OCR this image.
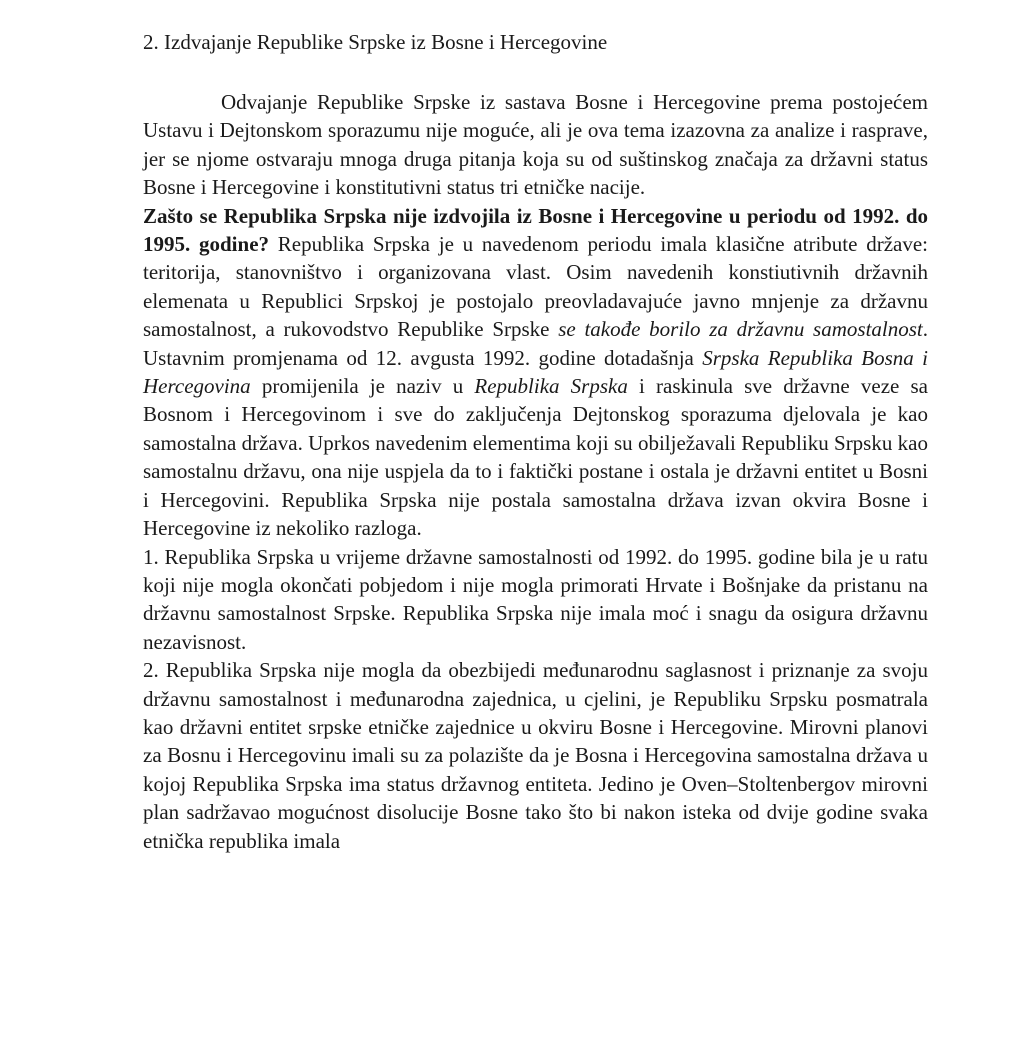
2. Izdvajanje Republike Srpske iz Bosne i Hercegovine
Odvajanje Republike Srpske iz sastava Bosne i Hercegovine prema postojećem Ustavu i Dejtonskom sporazumu nije moguće, ali je ova tema izazovna za analize i rasprave, jer se njome ostvaraju mnoga druga pitanja koja su od suštinskog značaja za državni status Bosne i Hercegovine i konstitutivni status tri etničke nacije.
Zašto se Republika Srpska nije izdvojila iz Bosne i Hercegovine u periodu od 1992. do 1995. godine? Republika Srpska je u navedenom periodu imala klasične atribute države: teritorija, stanovništvo i organizovana vlast. Osim navedenih konstiutivnih državnih elemenata u Republici Srpskoj je postojalo preovladavajuće javno mnjenje za državnu samostalnost, a rukovodstvo Republike Srpske se takođe borilo za državnu samostalnost. Ustavnim promjenama od 12. avgusta 1992. godine dotadašnja Srpska Republika Bosna i Hercegovina promijenila je naziv u Republika Srpska i raskinula sve državne veze sa Bosnom i Hercegovinom i sve do zaključenja Dejtonskog sporazuma djelovala je kao samostalna država. Uprkos navedenim elementima koji su obilježavali Republiku Srpsku kao samostalnu državu, ona nije uspjela da to i faktički postane i ostala je državni entitet u Bosni i Hercegovini. Republika Srpska nije postala samostalna država izvan okvira Bosne i Hercegovine iz nekoliko razloga.
1. Republika Srpska u vrijeme državne samostalnosti od 1992. do 1995. godine bila je u ratu koji nije mogla okončati pobjedom i nije mogla primorati Hrvate i Bošnjake da pristanu na državnu samostalnost Srpske. Republika Srpska nije imala moć i snagu da osigura državnu nezavisnost.
2. Republika Srpska nije mogla da obezbijedi međunarodnu saglasnost i priznanje za svoju državnu samostalnost i međunarodna zajednica, u cjelini, je Republiku Srpsku posmatrala kao državni entitet srpske etničke zajednice u okviru Bosne i Hercegovine. Mirovni planovi za Bosnu i Hercegovinu imali su za polazište da je Bosna i Hercegovina samostalna država u kojoj Republika Srpska ima status državnog entiteta. Jedino je Oven–Stoltenbergov mirovni plan sadržavao mogućnost disolucije Bosne tako što bi nakon isteka od dvije godine svaka etnička republika imala
